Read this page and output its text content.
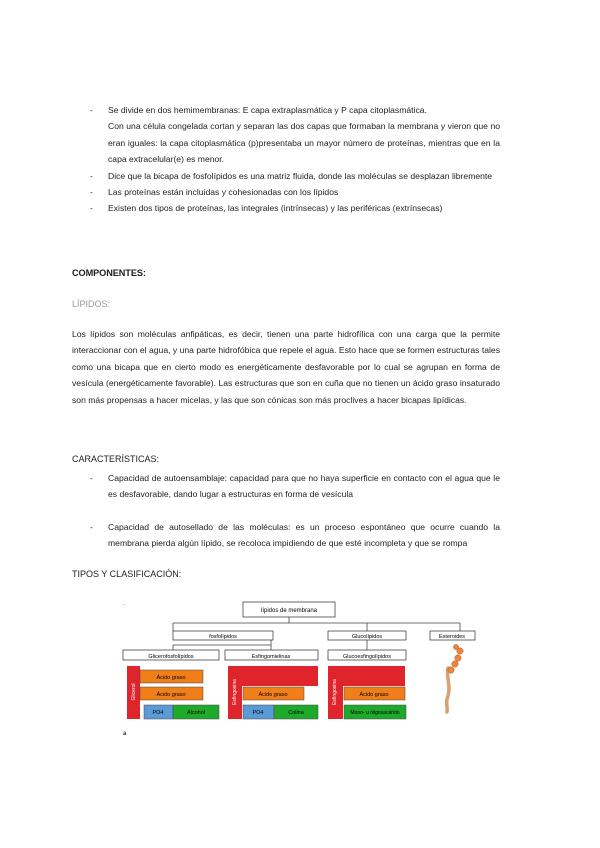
- Se divide en dos hemimembranas: E capa extraplasmática y P capa citoplasmática.
Con una célula congelada cortan y separan las dos capas que formaban la membrana y vieron que no eran iguales: la capa citoplasmática (p)presentaba un mayor número de proteínas, mientras que en la capa extracelular(e) es menor.
- Dice que la bicapa de fosfolípidos es una matriz fluida, donde las moléculas se desplazan libremente
- Las proteínas están incluidas y cohesionadas con los lípidos
- Existen dos tipos de proteínas, las integrales (intrínsecas) y las periféricas (extrínsecas)
COMPONENTES:
LÍPIDOS:
Los lípidos son moléculas anfipáticas, es decir, tienen una parte hidrofílica con una carga que la permite interaccionar con el agua, y una parte hidrofóbica que repele el agua. Esto hace que se formen estructuras tales como una bicapa que en cierto modo es energéticamente desfavorable por lo cual se agrupan en forma de vesícula (energéticamente favorable). Las estructuras que son en cuña que no tienen un ácido graso insaturado son más propensas a hacer micelas, y las que son cónicas son más proclives a hacer bicapas lipídicas.
CARACTERÍSTICAS:
- Capacidad de autoensamblaje: capacidad para que no haya superficie en contacto con el agua que le es desfavorable, dando lugar a estructuras en forma de vesícula
- Capacidad de autosellado de las moléculas: es un proceso espontáneo que ocurre cuando la membrana pierda algún lípido, se recoloca impidiendo de que esté incompleta y que se rompa
TIPOS Y CLASIFICACIÓN:
..
lípidos de membrana
fosfolípidos	Glucolípidos	Esteroides
Glicerofosfolípidos	Esfingomielinas	Glucoesfingolípidos
Glicerol
Ácido graso
Ácido graso
PO4	Alcohol
Esfingosina	Ácido graso
PO4	Colina
Esfingosina	Ácido graso
Mono- u oligosacárido
a
